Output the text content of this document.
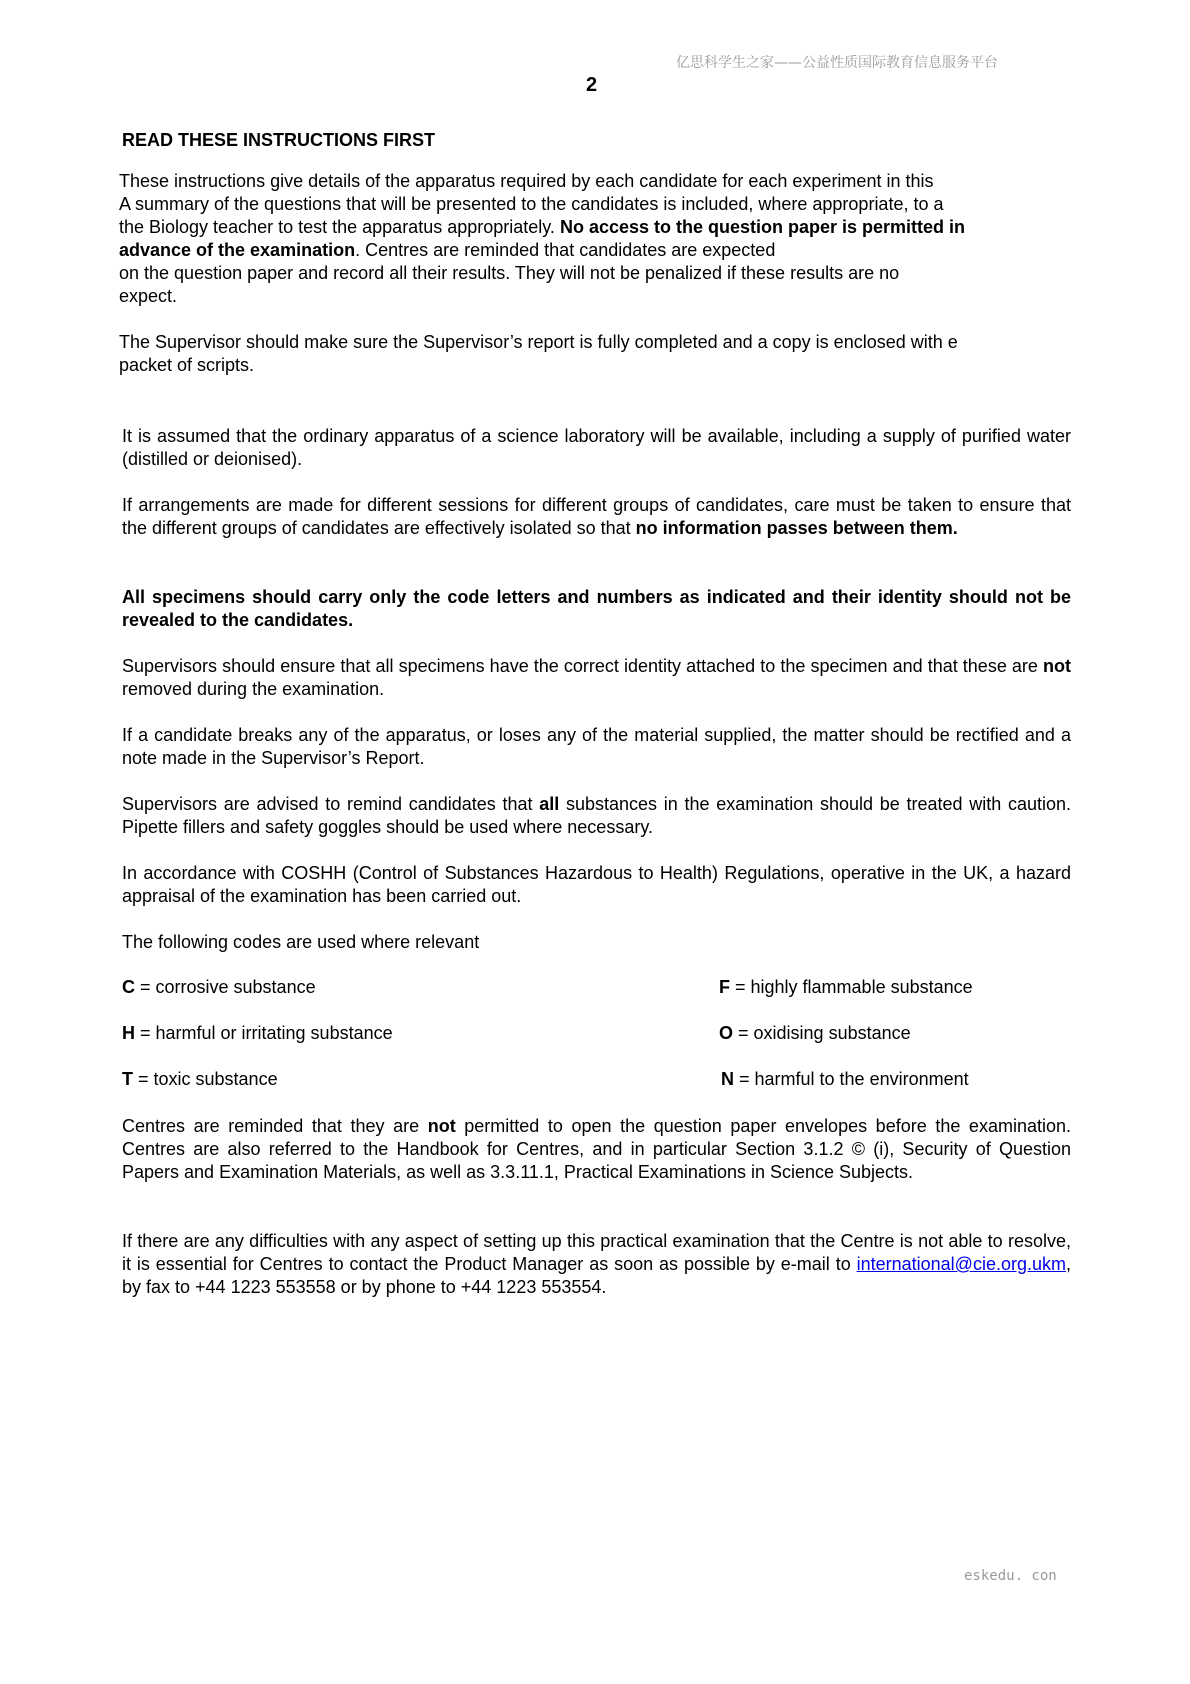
亿思科学生之家——公益性质国际教育信息服务平台
2
READ THESE INSTRUCTIONS FIRST
These instructions give details of the apparatus required by each candidate for each experiment in this
A summary of the questions that will be presented to the candidates is included, where appropriate, to a
the Biology teacher to test the apparatus appropriately. No access to the question paper is permitted in
advance of the examination. Centres are reminded that candidates are expected
on the question paper and record all their results. They will not be penalized if these results are no
expect.
The Supervisor should make sure the Supervisor’s report is fully completed and a copy is enclosed with e
packet of scripts.
It is assumed that the ordinary apparatus of a science laboratory will be available, including a supply of purified water (distilled or deionised).
If arrangements are made for different sessions for different groups of candidates, care must be taken to ensure that the different groups of candidates are effectively isolated so that no information passes between them.
All specimens should carry only the code letters and numbers as indicated and their identity should not be revealed to the candidates.
Supervisors should ensure that all specimens have the correct identity attached to the specimen and that these are not removed during the examination.
If a candidate breaks any of the apparatus, or loses any of the material supplied, the matter should be rectified and a note made in the Supervisor’s Report.
Supervisors are advised to remind candidates that all substances in the examination should be treated with caution. Pipette fillers and safety goggles should be used where necessary.
In accordance with COSHH (Control of Substances Hazardous to Health) Regulations, operative in the UK, a hazard appraisal of the examination has been carried out.
The following codes are used where relevant
C = corrosive substance	F = highly flammable substance
H = harmful or irritating substance	O = oxidising substance
T = toxic substance	N = harmful to the environment
Centres are reminded that they are not permitted to open the question paper envelopes before the examination. Centres are also referred to the Handbook for Centres, and in particular Section 3.1.2 © (i), Security of Question Papers and Examination Materials, as well as 3.3.11.1, Practical Examinations in Science Subjects.
If there are any difficulties with any aspect of setting up this practical examination that the Centre is not able to resolve, it is essential for Centres to contact the Product Manager as soon as possible by e-mail to international@cie.org.ukm, by fax to +44 1223 553558 or by phone to +44 1223 553554.
eskedu. con
